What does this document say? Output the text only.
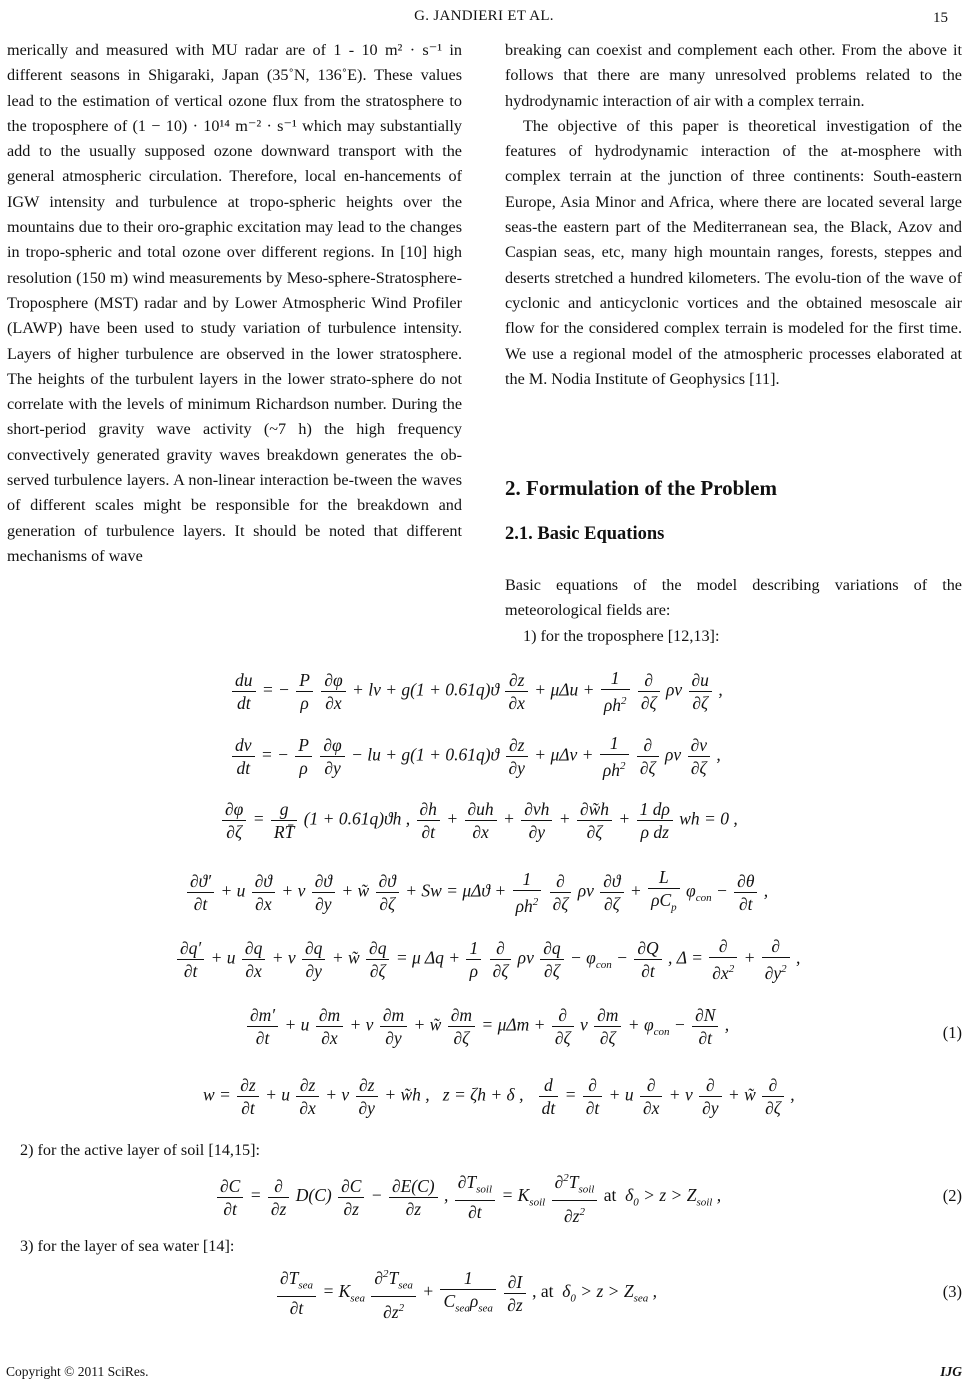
G. JANDIERI ET AL.	15

merically and measured with MU radar are of 1 - 10 m² · s⁻¹ in different seasons in Shigaraki, Japan (35˚N, 136˚E). These values lead to the estimation of vertical ozone flux from the stratosphere to the troposphere of (1 − 10) · 10¹⁴ m⁻² · s⁻¹ which may substantially add to the usually supposed ozone downward transport with the general atmospheric circulation. Therefore, local en-hancements of IGW intensity and turbulence at tropo-spheric heights over the mountains due to their oro-graphic excitation may lead to the changes in tropo-spheric and total ozone over different regions. In [10] high resolution (150 m) wind measurements by Meso-sphere-Stratosphere-Troposphere (MST) radar and by Lower Atmospheric Wind Profiler (LAWP) have been used to study variation of turbulence intensity. Layers of higher turbulence are observed in the lower stratosphere. The heights of the turbulent layers in the lower strato-sphere do not correlate with the levels of minimum Richardson number. During the short-period gravity wave activity (~7 h) the high frequency convectively generated gravity waves breakdown generates the ob-served turbulence layers. A non-linear interaction be-tween the waves of different scales might be responsible for the breakdown and generation of turbulence layers. It should be noted that different mechanisms of wave

breaking can coexist and complement each other. From the above it follows that there are many unresolved problems related to the hydrodynamic interaction of air with a complex terrain.

The objective of this paper is theoretical investigation of the features of hydrodynamic interaction of the at-mosphere with complex terrain at the junction of three continents: South-eastern Europe, Asia Minor and Africa, where there are located several large seas-the eastern part of the Mediterranean sea, the Black, Azov and Caspian seas, etc, many high mountain ranges, forests, steppes and deserts stretched a hundred kilometers. The evolu-tion of the wave of cyclonic and anticyclonic vortices and the obtained mesoscale air flow for the considered complex terrain is modeled for the first time. We use a regional model of the atmospheric processes elaborated at the M. Nodia Institute of Geophysics [11].

2. Formulation of the Problem
2.1. Basic Equations

Basic equations of the model describing variations of the meteorological fields are:

1) for the troposphere [12,13]:

$\frac{du}{dt}$ = − $\frac{P}{\rho}$
$\frac{\partial\varphi}{\partial x}$ + lv + $g(1 + 0.61q)ϑ \frac{\partial z}{\partial x} + \mu\Delta u + \frac{1}{\rho h^2}$
$\frac{\partial}{\partial\zeta}$ ρν $\frac{\partial u}{\partial\zeta}$ ,
$\frac{dv}{dt}$ = − $\frac{P}{\rho}$
$\frac{\partial\varphi}{\partial y}$ − lu + $g(1 + 0.61q)ϑ \frac{\partial z}{\partial y} + \mu\Delta v + \frac{1}{\rho h^2}$
$\frac{\partial}{\partial\zeta}$ ρν $\frac{\partial v}{\partial\zeta}$ ,
$\frac{\partial\varphi}{\partial\zeta} = \frac{g}{RT̄} (1 + 0.61q)ϑh$ , $\frac{\partial h}{\partial t} + \frac{\partial uh}{\partial x} + \frac{\partial vh}{\partial y} + \frac{\partial w̃h}{\partial\zeta} + \frac{1 d\rho}{\text{ρ dz}}$ wh = 0 ,
$\frac{\partial ϑ'}{\partial t} + u \frac{\partial ϑ}{\partial x} + v \frac{\partial ϑ}{\partial y}$ + w̃ $\frac{\partial ϑ}{\partial\zeta} + Sw = \mu\Delta ϑ + \frac{1}{\rho h^2}$
$\frac{\partial}{\partial\zeta}$ ρν $\frac{\partial ϑ}{\partial\zeta} + \frac{L}{\rho C_p} \varphi_{con} - \frac{\partial\theta}{\partial t}$ ,
$\frac{\partial q'}{\partial t} + u \frac{\partial q}{\partial x} + v \frac{\partial q}{\partial y}$ + w̃ $\frac{\partial q}{\partial\zeta} = \mu$ $\Delta q + \frac{1}{\rho}$
$\frac{\partial}{\partial\zeta}$ ρν $\frac{\partial q}{\partial\zeta} - \varphi_{con} - \frac{\partial Q}{\partial t}$ , $\Delta = \frac{\partial}{\partial x^2} + \frac{\partial}{\partial y^2}$ ,
$\frac{\partial m'}{\partial t} + u \frac{\partial m}{\partial x} + v \frac{\partial m}{\partial y}$ + w̃ $\frac{\partial m}{\partial\zeta} = \mu\Delta m + \frac{\partial}{\partial\zeta}$ ν $\frac{\partial m}{\partial\zeta} + \varphi_{con} - \frac{\partial N}{\partial t}$ ,	(1)
$w = \frac{\partial z}{\partial t} + u \frac{\partial z}{\partial x} + v \frac{\partial z}{\partial y}$ + w̃h ,   z = ζh + δ , $\frac{d}{dt} = \frac{\partial}{\partial t} + u \frac{\partial}{\partial x} + v \frac{\partial}{\partial y}$ + w̃ $\frac{\partial}{\partial\zeta}$ ,
2) for the active layer of soil [14,15]:
$\frac{\partial C}{\partial t} = \frac{\partial}{\partial z} D(C) \frac{\partial C}{\partial z} - \frac{\partial E(C)}{\partial z}$ , $\frac{\partial T_{soil}}{\partial t} = K_{soil} \frac{\partial^2T_{soil}}{\partial z^2}$ at  $\delta_0 > z > Z_{soil}$ ,	(2)
3) for the layer of sea water [14]:
$\frac{\partial T_{sea}}{\partial t} = K_{sea} \frac{\partial^2T_{sea}}{\partial z^2} + \frac{1}{C_{sea}\rho_{sea}}$
$\frac{\partial I}{\partial z}$ , at  $\delta_0 > z > Z_{sea}$ ,	(3)
Copyright © 2011 SciRes.	IJG
